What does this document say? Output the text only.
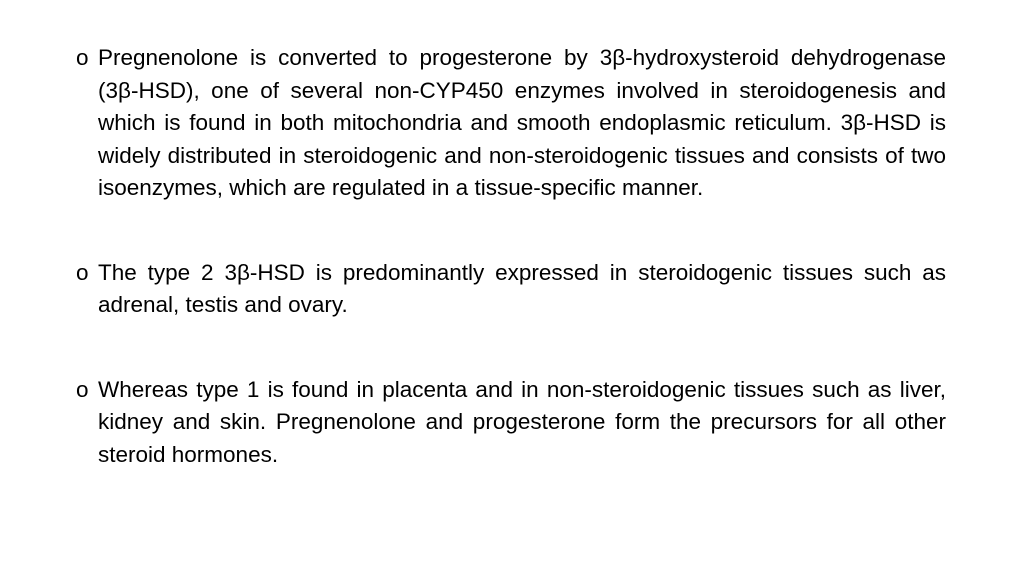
o Pregnenolone is converted to progesterone by 3β-hydroxysteroid dehydrogenase (3β-HSD), one of several non-CYP450 enzymes involved in steroidogenesis and which is found in both mitochondria and smooth endoplasmic reticulum. 3β-HSD is widely distributed in steroidogenic and non-steroidogenic tissues and consists of two isoenzymes, which are regulated in a tissue-specific manner.
o The type 2 3β-HSD is predominantly expressed in steroidogenic tissues such as adrenal, testis and ovary.
o Whereas type 1 is found in placenta and in non-steroidogenic tissues such as liver, kidney and skin. Pregnenolone and progesterone form the precursors for all other steroid hormones.
